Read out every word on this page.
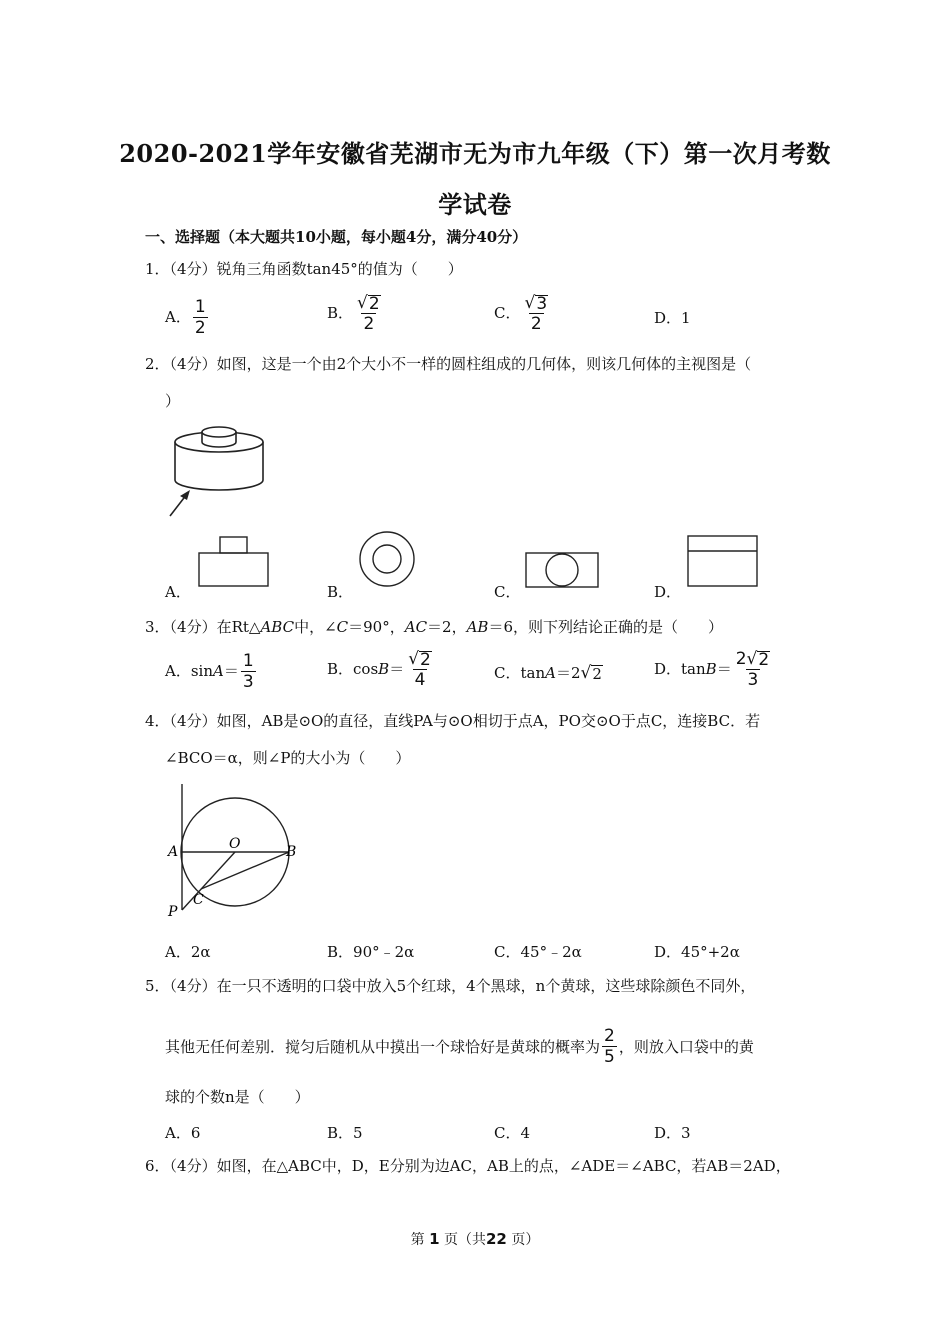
2020-2021学年安徽省芜湖市无为市九年级（下）第一次月考数
学试卷
一、选择题（本大题共10小题，每小题4分，满分40分）
1．（4分）锐角三角函数tan45°的值为（　　）
A． $\frac{1}{2}$	B． $\frac{√ 2}{2}$	C． $\frac{√ 3}{2}$	D．1
2．（4分）如图，这是一个由2个大小不一样的圆柱组成的几何体，则该几何体的主视图是（
）
A．	B．	C．	D．
3．（4分）在Rt△ABC中，∠C＝90°，AC＝2，AB＝6，则下列结论正确的是（　　）
A．$\sin A= \frac{1}{3}$	B．$\cos B= \frac{√ 2}{4}$	C．tanA＝2 √ 2	D．$\tan B= \frac{2 √ 2}{3}$
4．（4分）如图，AB是⊙O的直径，直线PA与⊙O相切于点A，PO交⊙O于点C，连接BC．若
∠BCO＝α，则∠P的大小为（　　）
A	O	B
C
P
A．2α	B．90°﹣2α	C．45°﹣2α	D．45°+2α
5．（4分）在一只不透明的口袋中放入5个红球，4个黑球，n个黄球，这些球除颜色不同外，
其他无任何差别．搅匀后随机从中摸出一个球恰好是黄球的概率为 $\frac{2}{5}$ ，则放入口袋中的黄
球的个数n是（　　）
A．6	B．5	C．4	D．3
6．（4分）如图，在△ABC中，D，E分别为边AC，AB上的点，∠ADE＝∠ABC，若AB＝2AD，
第 1 页（共22 页）
